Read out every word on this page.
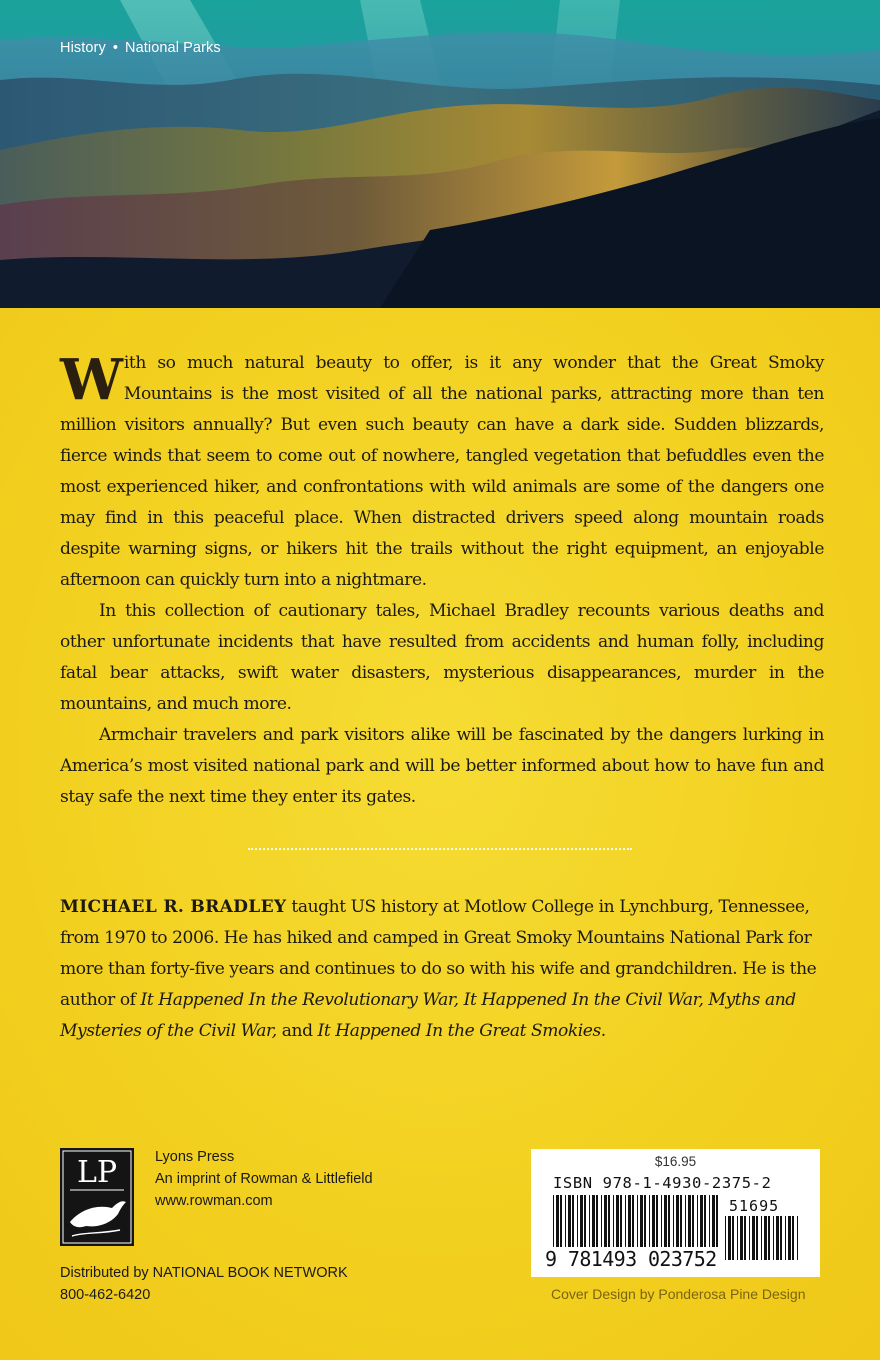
History • National Parks

With so much natural beauty to offer, is it any wonder that the Great Smoky Mountains is the most visited of all the national parks, attracting more than ten million visitors annually? But even such beauty can have a dark side. Sudden blizzards, fierce winds that seem to come out of nowhere, tangled vegetation that befuddles even the most experienced hiker, and confrontations with wild animals are some of the dangers one may find in this peaceful place. When distracted drivers speed along mountain roads despite warning signs, or hikers hit the trails without the right equipment, an enjoyable afternoon can quickly turn into a nightmare.

In this collection of cautionary tales, Michael Bradley recounts various deaths and other unfortunate incidents that have resulted from accidents and human folly, including fatal bear attacks, swift water disasters, mysterious disappearances, murder in the mountains, and much more.

Armchair travelers and park visitors alike will be fascinated by the dangers lurking in America’s most visited national park and will be better informed about how to have fun and stay safe the next time they enter its gates.

MICHAEL R. BRADLEY taught US history at Motlow College in Lynchburg, Tennessee, from 1970 to 2006. He has hiked and camped in Great Smoky Mountains National Park for more than forty-five years and continues to do so with his wife and grandchildren. He is the author of It Happened In the Revolutionary War, It Happened In the Civil War, Myths and Mysteries of the Civil War, and It Happened In the Great Smokies.

LP	Lyons Press
An imprint of Rowman & Littlefield
www.rowman.com
Distributed by NATIONAL BOOK NETWORK
800-462-6420
$16.95
ISBN 978-1-4930-2375-2
51695
9 781493 023752
Cover Design by Ponderosa Pine Design
